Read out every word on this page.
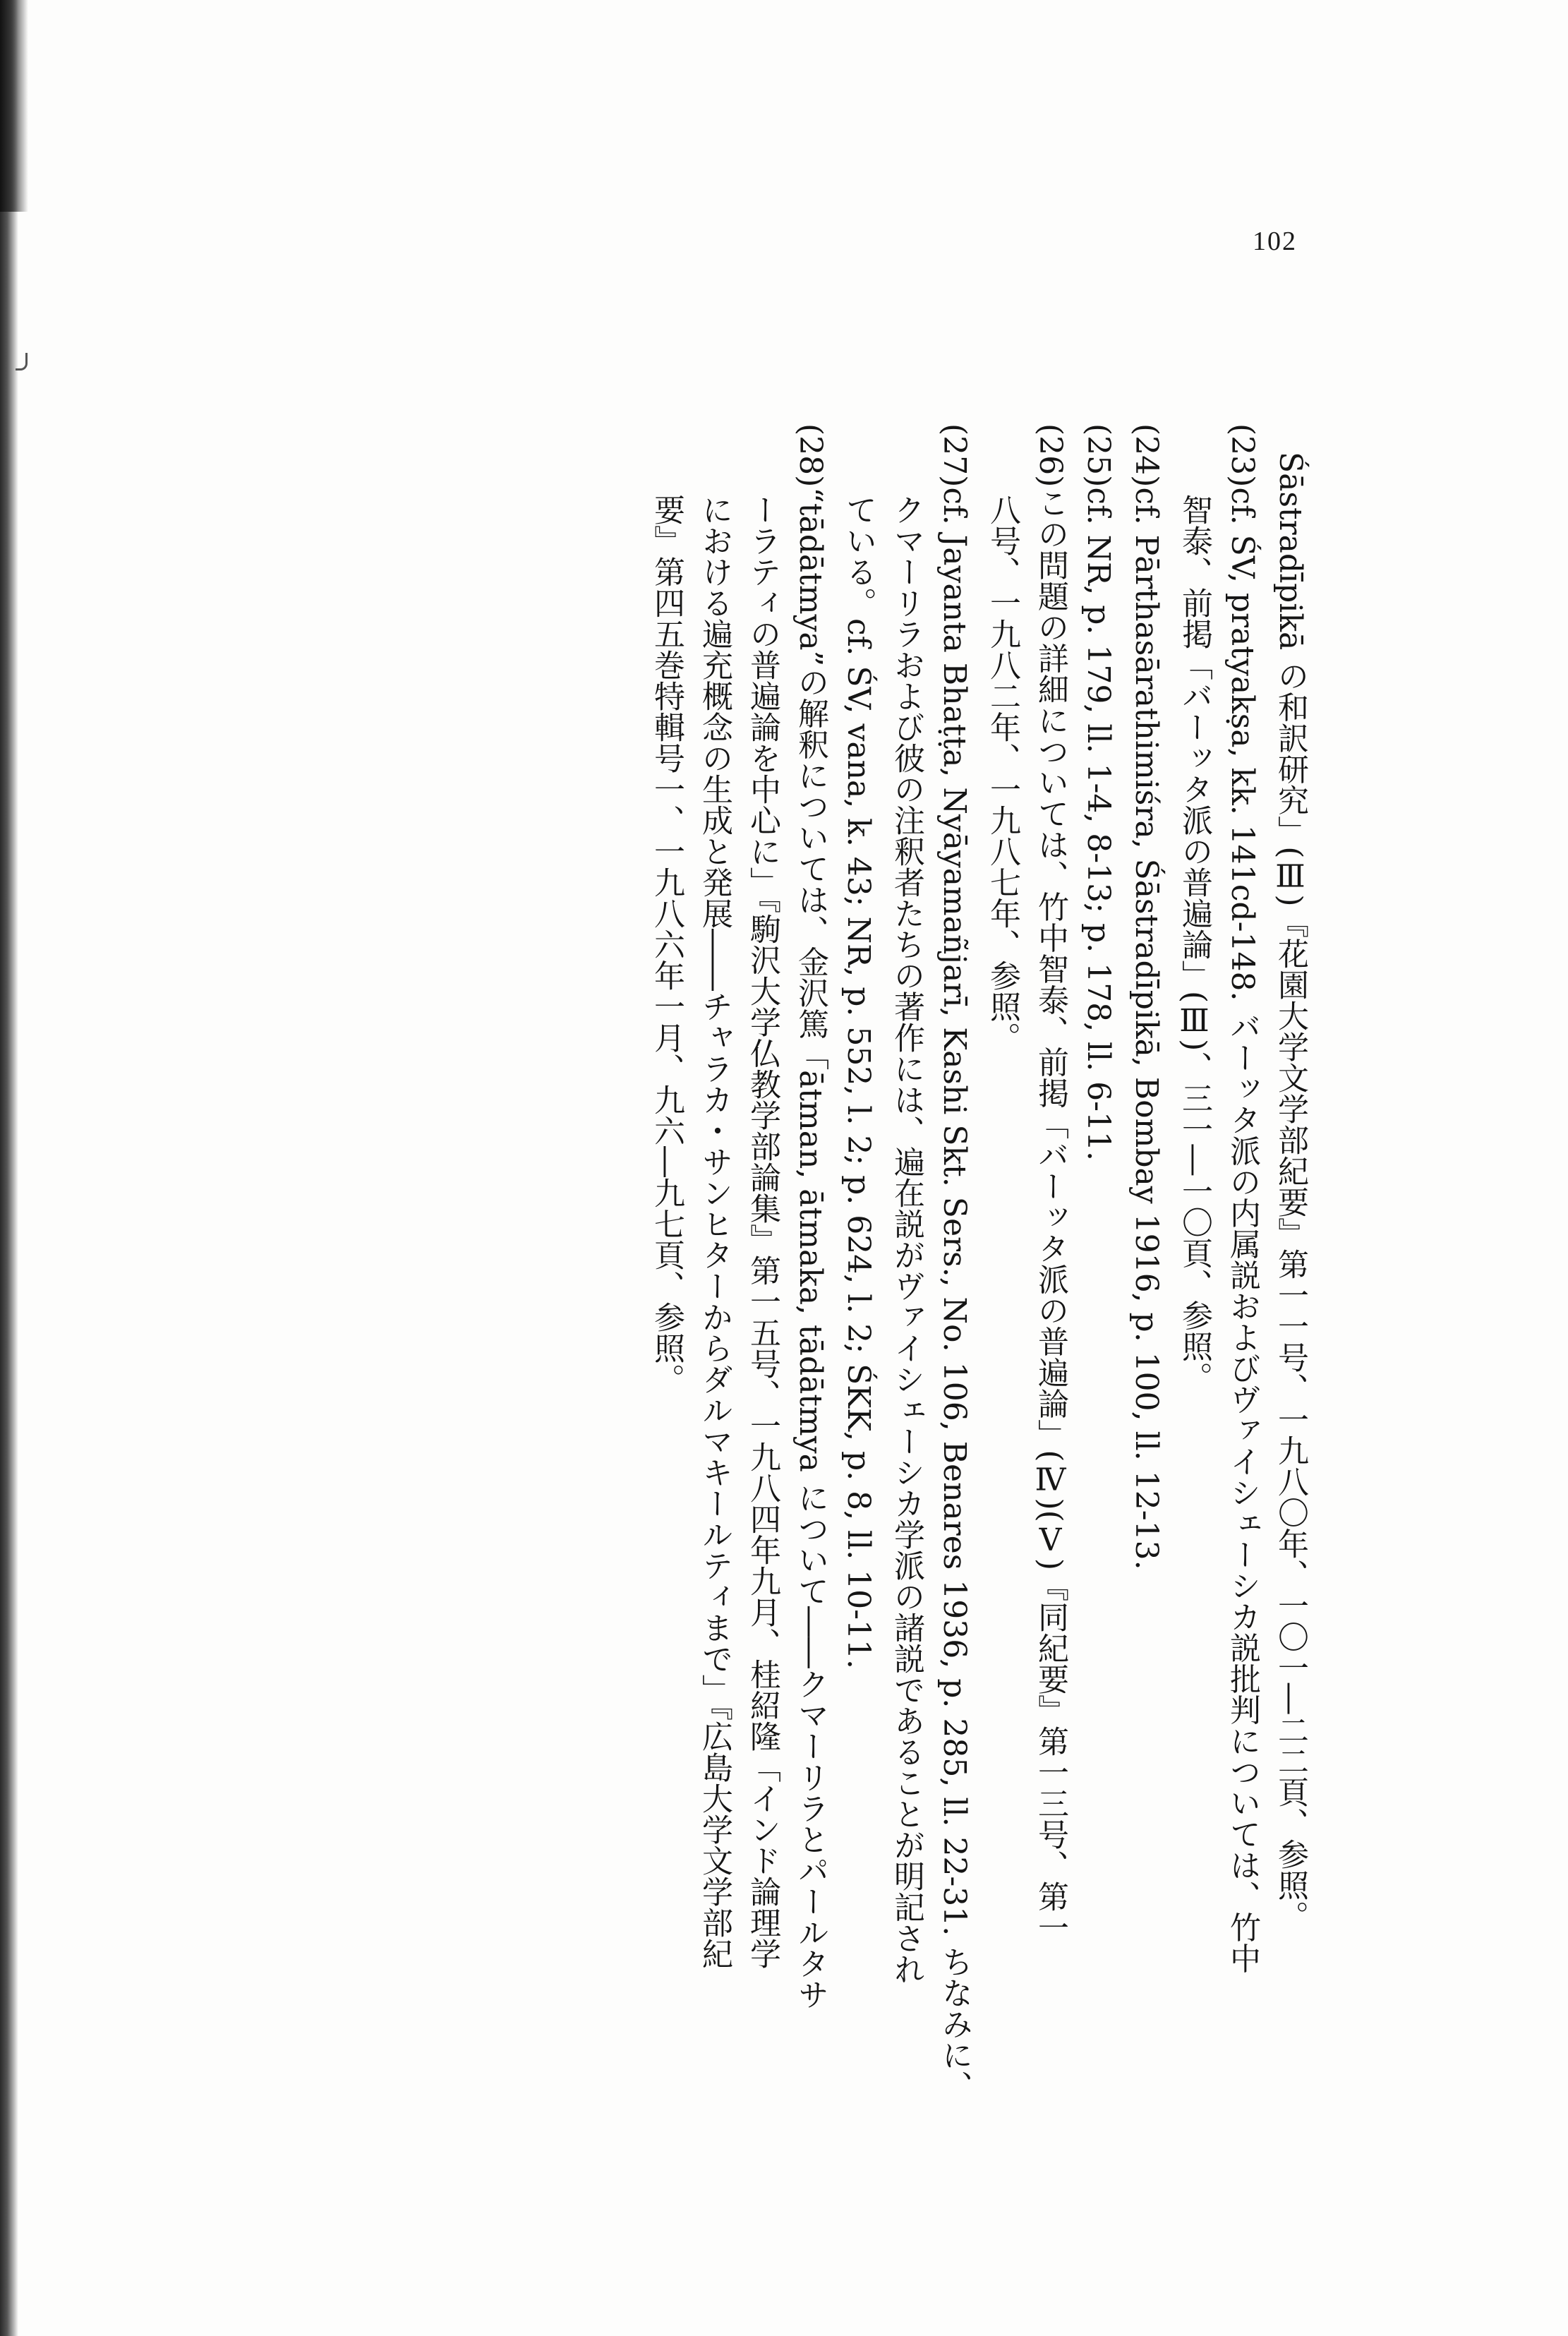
102
Śāstradīpikā の和訳研究」(Ⅲ)『花園大学文学部紀要』第一一号、一九八〇年、一〇一―二二頁、参照。
(23)cf. ŚV, pratyakṣa, kk. 141cd-148. バーッタ派の内属説およびヴァイシェーシカ説批判については、竹中
智泰、前掲「バーッタ派の普遍論」(Ⅲ)、三一―一〇頁、参照。
(24)cf. Pārthasārathimiśra, Śāstradīpikā, Bombay 1916, p. 100, ll. 12-13.
(25)cf. NR, p. 179, ll. 1-4, 8-13; p. 178, ll. 6-11.
(26)この問題の詳細については、竹中智泰、前掲「バーッタ派の普遍論」(Ⅳ)(Ⅴ)『同紀要』第一三号、第一
八号、一九八二年、一九八七年、参照。
(27)cf. Jayanta Bhaṭṭa, Nyāyamañjarī, Kashi Skt. Sers., No. 106, Benares 1936, p. 285, ll. 22-31. ちなみに、
クマーリラおよび彼の注釈者たちの著作には、遍在説がヴァイシェーシカ学派の諸説であることが明記され
ている。cf. ŚV, vana, k. 43; NR, p. 552, l. 2; p. 624, l. 2; ŚKK, p. 8, ll. 10-11.
(28)“tādātmya”の解釈については、金沢篤「ātman, ātmaka, tādātmya について――クマーリラとパールタサ
ーラティの普遍論を中心に」『駒沢大学仏教学部論集』第一五号、一九八四年九月、桂紹隆「インド論理学
における遍充概念の生成と発展――チャラカ・サンヒターからダルマキールティまで」『広島大学文学部紀
要』第四五巻特輯号一、一九八六年一月、九六―九七頁、参照。
